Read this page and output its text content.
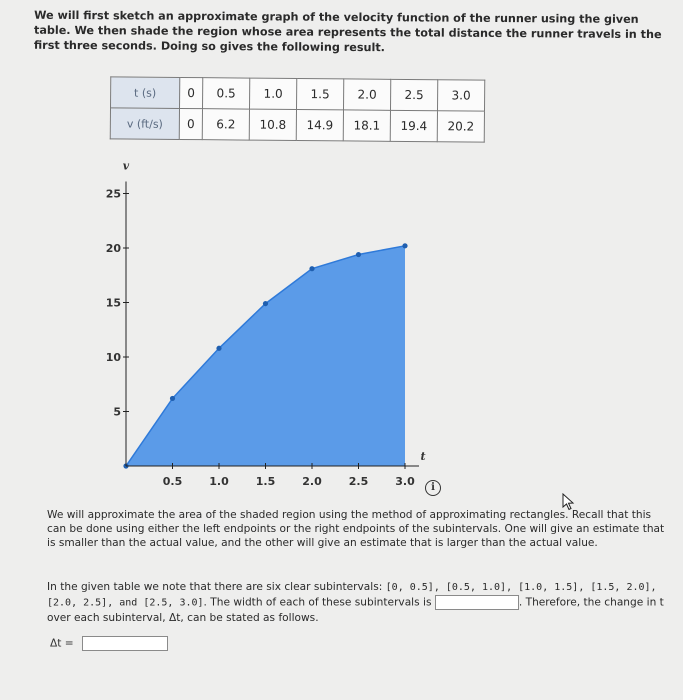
We will first sketch an approximate graph of the velocity function of the runner using the given table. We then shade the region whose area represents the total distance the runner travels in the first three seconds. Doing so gives the following result.
t (s)	0	0.5	1.0	1.5	2.0	2.5	3.0
v (ft/s)	0	6.2	10.8	14.9	18.1	19.4	20.2
5
10
15
20
25
0.5 1.0 1.5 2.0 2.5 3.0
v
t
i
We will approximate the area of the shaded region using the method of approximating rectangles. Recall that this can be done using either the left endpoints or the right endpoints of the subintervals. One will give an estimate that is smaller than the actual value, and the other will give an estimate that is larger than the actual value.
In the given table we note that there are six clear subintervals: [0, 0.5], [0.5, 1.0], [1.0, 1.5], [1.5, 2.0], [2.0, 2.5], and [2.5, 3.0]. The width of each of these subintervals is	. Therefore, the change in t over each subinterval, Δt, can be stated as follows.
Δt =
